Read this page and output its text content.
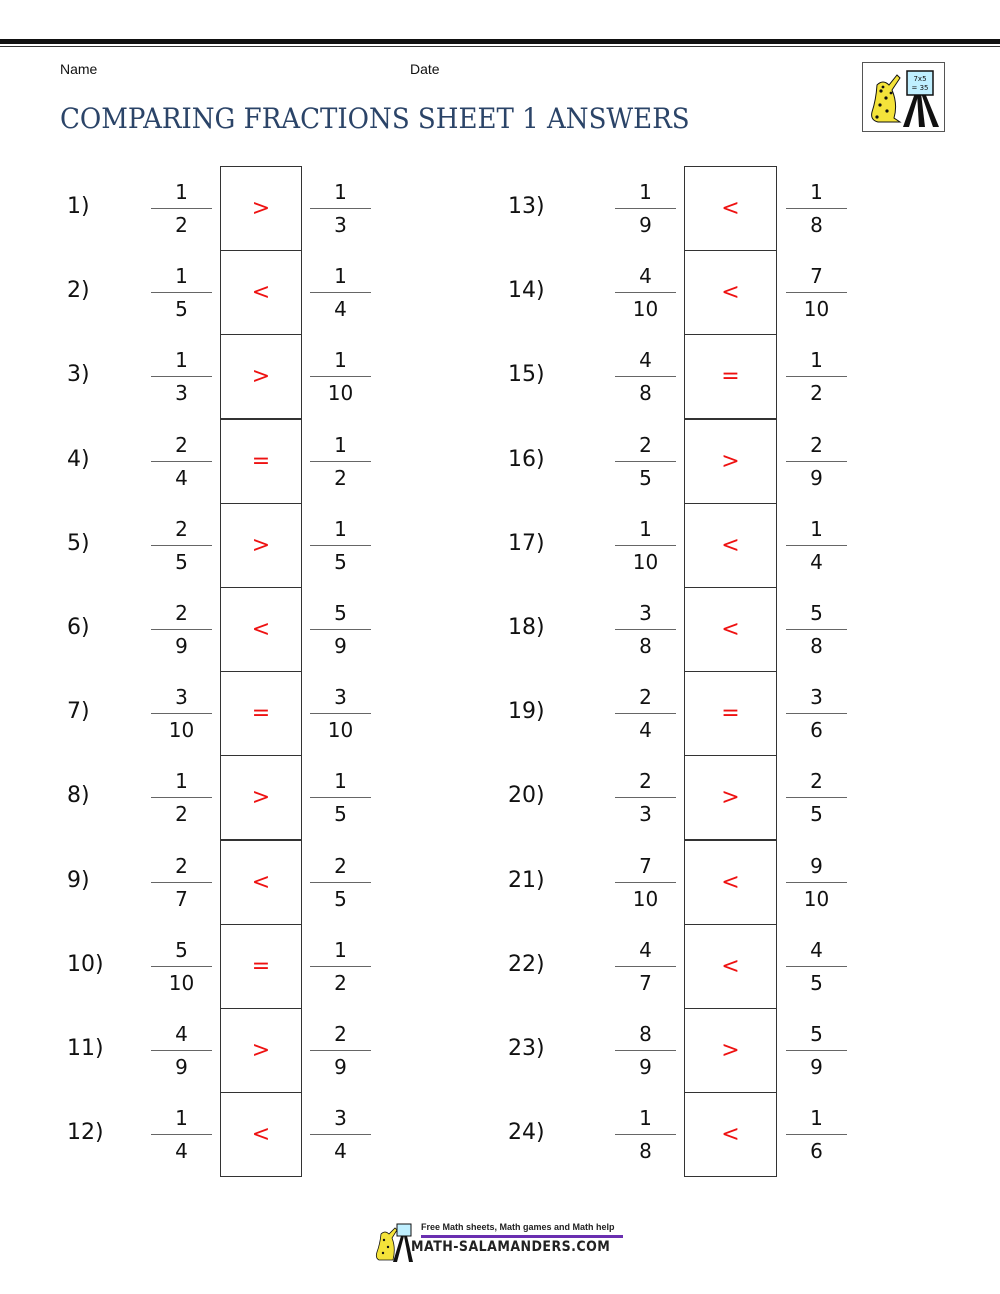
Name	Date
COMPARING FRACTIONS SHEET 1 ANSWERS
7x5
= 35
1)
1
2
>
1
3
2)
1
5
<
1
4
3)
1
3
>
1
10
4)
2
4
=
1
2
5)
2
5
>
1
5
6)
2
9
<
5
9
7)
3
10
=
3
10
8)
1
2
>
1
5
9)
2
7
<
2
5
10)
5
10
=
1
2
11)
4
9
>
2
9
12)
1
4
<
3
4
13)
1
9
<
1
8
14)
4
10
<
7
10
15)
4
8
=
1
2
16)
2
5
>
2
9
17)
1
10
<
1
4
18)
3
8
<
5
8
19)
2
4
=
3
6
20)
2
3
>
2
5
21)
7
10
<
9
10
22)
4
7
<
4
5
23)
8
9
>
5
9
24)
1
8
<
1
6
Free Math sheets, Math games and Math help
MATH-SALAMANDERS.COM
